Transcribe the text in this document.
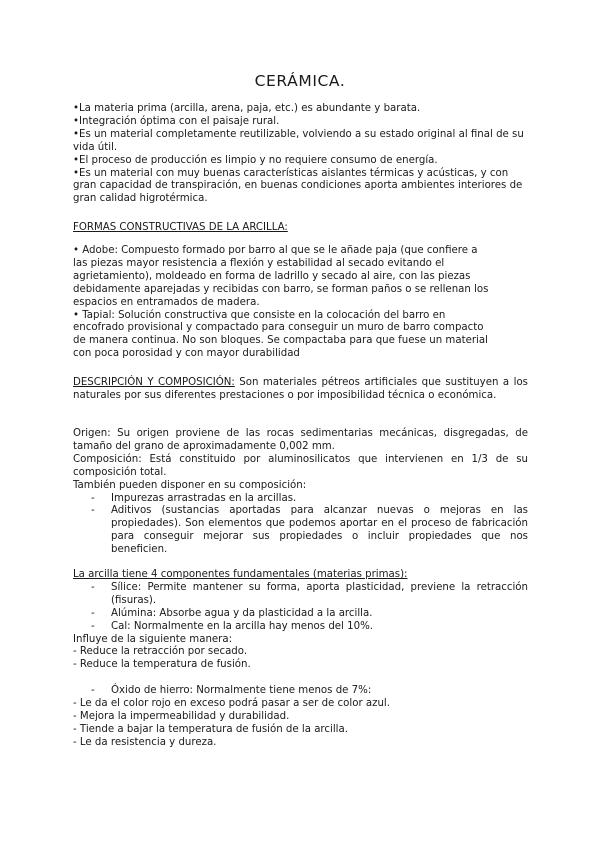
CERÁMICA.

•La materia prima (arcilla, arena, paja, etc.) es abundante y barata.

•Integración óptima con el paisaje rural.

•Es un material completamente reutilizable, volviendo a su estado original al final de su vida útil.

•El proceso de producción es limpio y no requiere consumo de energía.

•Es un material con muy buenas características aislantes térmicas y acústicas, y con gran capacidad de transpiración, en buenas condiciones aporta ambientes interiores de gran calidad higrotérmica.

FORMAS CONSTRUCTIVAS DE LA ARCILLA:

• Adobe: Compuesto formado por barro al que se le añade paja (que confiere a las piezas mayor resistencia a flexión y estabilidad al secado evitando el agrietamiento), moldeado en forma de ladrillo y secado al aire, con las piezas debidamente aparejadas y recibidas con barro, se forman paños o se rellenan los espacios en entramados de madera.

• Tapial: Solución constructiva que consiste en la colocación del barro en encofrado provisional y compactado para conseguir un muro de barro compacto de manera continua. No son bloques. Se compactaba para que fuese un material con poca porosidad y con mayor durabilidad

DESCRIPCIÓN Y COMPOSICIÓN: Son materiales pétreos artificiales que sustituyen a los naturales por sus diferentes prestaciones o por imposibilidad técnica o económica.

Origen: Su origen proviene de las rocas sedimentarias mecánicas, disgregadas, de tamaño del grano de aproximadamente 0,002 mm.

Composición: Está constituido por aluminosilicatos que intervienen en 1/3 de su composición total.

También pueden disponer en su composición:

- Impurezas arrastradas en la arcillas.

- Aditivos (sustancias aportadas para alcanzar nuevas o mejoras en las propiedades). Son elementos que podemos aportar en el proceso de fabricación para conseguir mejorar sus propiedades o incluir propiedades que nos beneficien.

La arcilla tiene 4 componentes fundamentales (materias primas):

- Sílice: Permite mantener su forma, aporta plasticidad, previene la retracción (fisuras).

- Alúmina: Absorbe agua y da plasticidad a la arcilla.

- Cal: Normalmente en la arcilla hay menos del 10%.

Influye de la siguiente manera:

- Reduce la retracción por secado.

- Reduce la temperatura de fusión.

- Óxido de hierro: Normalmente tiene menos de 7%:

- Le da el color rojo en exceso podrá pasar a ser de color azul.

- Mejora la impermeabilidad y durabilidad.

- Tiende a bajar la temperatura de fusión de la arcilla.

- Le da resistencia y dureza.
